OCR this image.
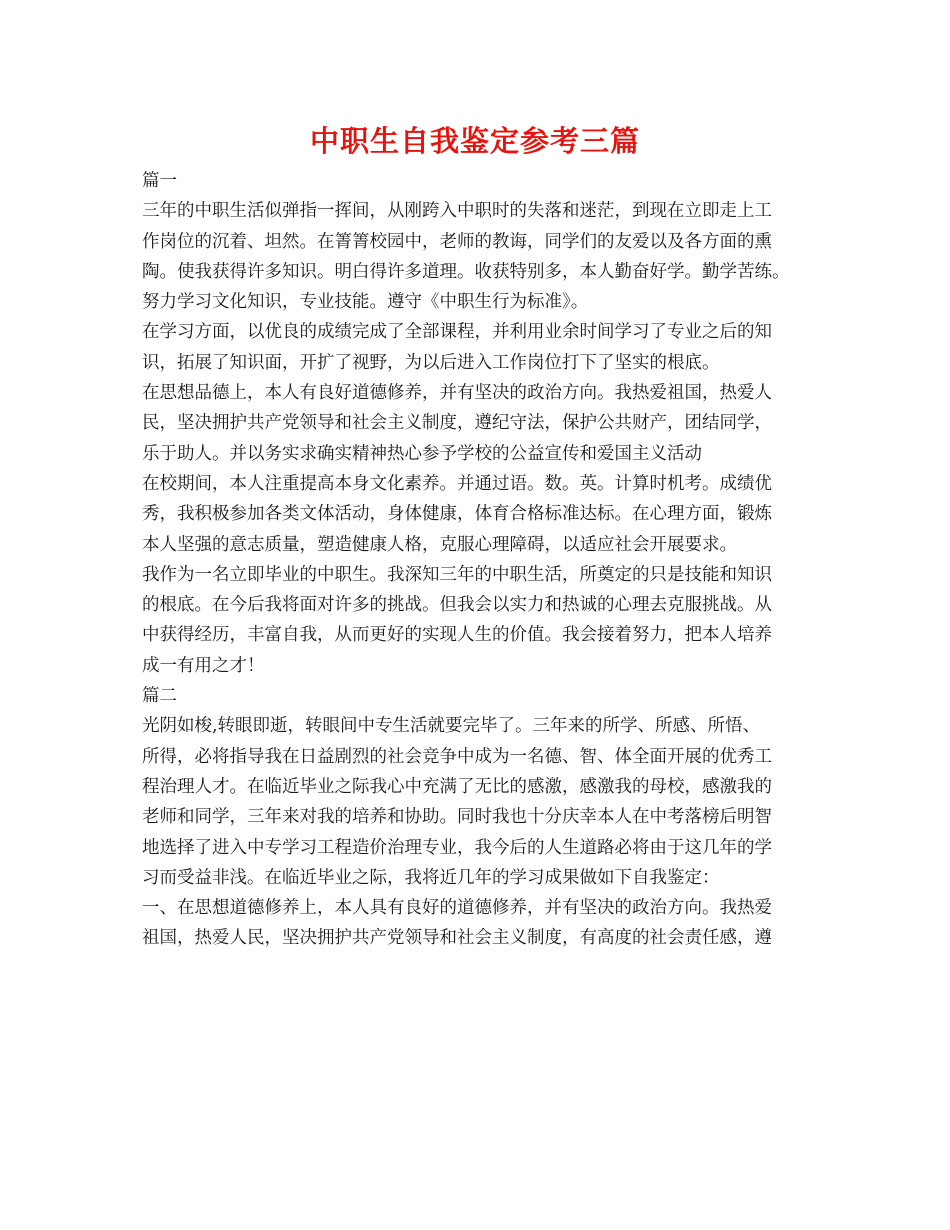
中职生自我鉴定参考三篇
篇一
三年的中职生活似弹指一挥间，从刚跨入中职时的失落和迷茫，到现在立即走上工
作岗位的沉着、坦然。在箐箐校园中，老师的教诲，同学们的友爱以及各方面的熏
陶。使我获得许多知识。明白得许多道理。收获特别多，本人勤奋好学。勤学苦练。
努力学习文化知识，专业技能。遵守《中职生行为标准》。
在学习方面，以优良的成绩完成了全部课程，并利用业余时间学习了专业之后的知
识，拓展了知识面，开扩了视野，为以后进入工作岗位打下了坚实的根底。
在思想品德上，本人有良好道德修养，并有坚决的政治方向。我热爱祖国，热爱人
民，坚决拥护共产党领导和社会主义制度，遵纪守法，保护公共财产，团结同学，
乐于助人。并以务实求确实精神热心参予学校的公益宣传和爱国主义活动
在校期间，本人注重提高本身文化素养。并通过语。数。英。计算时机考。成绩优
秀，我积极参加各类文体活动，身体健康，体育合格标准达标。在心理方面，锻炼
本人坚强的意志质量，塑造健康人格，克服心理障碍，以适应社会开展要求。
我作为一名立即毕业的中职生。我深知三年的中职生活，所奠定的只是技能和知识
的根底。在今后我将面对许多的挑战。但我会以实力和热诚的心理去克服挑战。从
中获得经历，丰富自我，从而更好的实现人生的价值。我会接着努力，把本人培养
成一有用之才！
篇二
光阴如梭,转眼即逝，转眼间中专生活就要完毕了。三年来的所学、所感、所悟、
所得，必将指导我在日益剧烈的社会竞争中成为一名德、智、体全面开展的优秀工
程治理人才。在临近毕业之际我心中充满了无比的感激，感激我的母校，感激我的
老师和同学，三年来对我的培养和协助。同时我也十分庆幸本人在中考落榜后明智
地选择了进入中专学习工程造价治理专业，我今后的人生道路必将由于这几年的学
习而受益非浅。在临近毕业之际，我将近几年的学习成果做如下自我鉴定：
一、在思想道德修养上，本人具有良好的道德修养，并有坚决的政治方向。我热爱
祖国，热爱人民，坚决拥护共产党领导和社会主义制度，有高度的社会责任感，遵
